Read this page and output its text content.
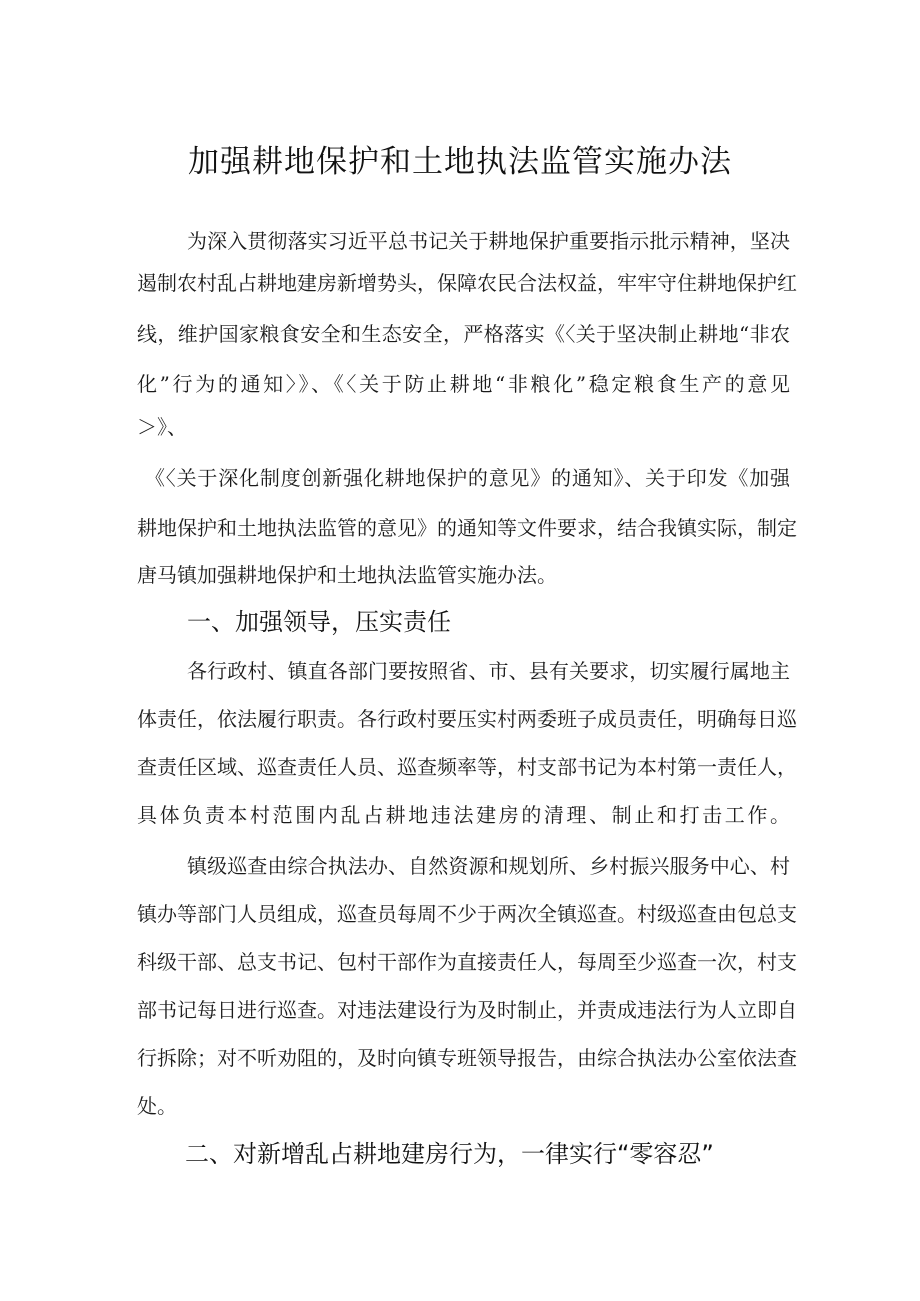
加强耕地保护和土地执法监管实施办法
为深入贯彻落实习近平总书记关于耕地保护重要指示批示精神，坚决
遏制农村乱占耕地建房新增势头，保障农民合法权益，牢牢守住耕地保护红
线，维护国家粮食安全和生态安全，严格落实《〈关于坚决制止耕地“非农
化”行为的通知〉》、《〈关于防止耕地“非粮化”稳定粮食生产的意见
＞》、
《〈关于深化制度创新强化耕地保护的意见》的通知》、关于印发《加强
耕地保护和土地执法监管的意见》的通知等文件要求，结合我镇实际，制定
唐马镇加强耕地保护和土地执法监管实施办法。
一、加强领导，压实责任
各行政村、镇直各部门要按照省、市、县有关要求，切实履行属地主
体责任，依法履行职责。各行政村要压实村两委班子成员责任，明确每日巡
查责任区域、巡查责任人员、巡查频率等，村支部书记为本村第一责任人，
具体负责本村范围内乱占耕地违法建房的清理、制止和打击工作。
镇级巡查由综合执法办、自然资源和规划所、乡村振兴服务中心、村
镇办等部门人员组成，巡查员每周不少于两次全镇巡查。村级巡查由包总支
科级干部、总支书记、包村干部作为直接责任人，每周至少巡查一次，村支
部书记每日进行巡查。对违法建设行为及时制止，并责成违法行为人立即自
行拆除；对不听劝阻的，及时向镇专班领导报告，由综合执法办公室依法查
处。
二、对新增乱占耕地建房行为，一律实行“零容忍”
